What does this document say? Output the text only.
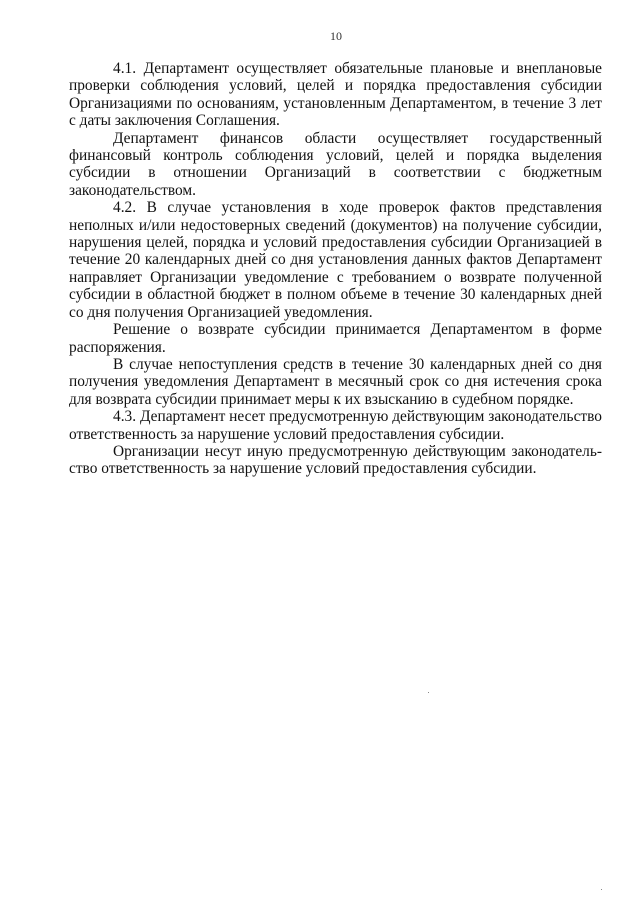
10

4.1. Департамент осуществляет обязательные плановые и внеплановые проверки соблюдения условий, целей и порядка предоставления субсидии Организациями по основаниям, установленным Департаментом, в течение 3 лет с даты заключения Соглашения.

Департамент финансов области осуществляет государственный финансовый контроль соблюдения условий, целей и порядка выделения субсидии в отношении Организаций в соответствии с бюджетным законодательством.

4.2. В случае установления в ходе проверок фактов представления неполных и/или недостоверных сведений (документов) на получение субсидии, нарушения целей, порядка и условий предоставления субсидии Организацией в течение 20 календарных дней со дня установления данных фактов Департамент направляет Организации уведомление с требованием о возврате полученной субсидии в областной бюджет в полном объеме в течение 30 календарных дней со дня получения Организацией уведомления.

Решение о возврате субсидии принимается Департаментом в форме распоряжения.

В случае непоступления средств в течение 30 календарных дней со дня получения уведомления Департамент в месячный срок со дня истечения срока для возврата субсидии принимает меры к их взысканию в судебном порядке.

4.3. Департамент несет предусмотренную действующим законодательство ответственность за нарушение условий предоставления субсидии.

Организации несут иную предусмотренную действующим законодательство ответственность за нарушение условий предоставления субсидии.
